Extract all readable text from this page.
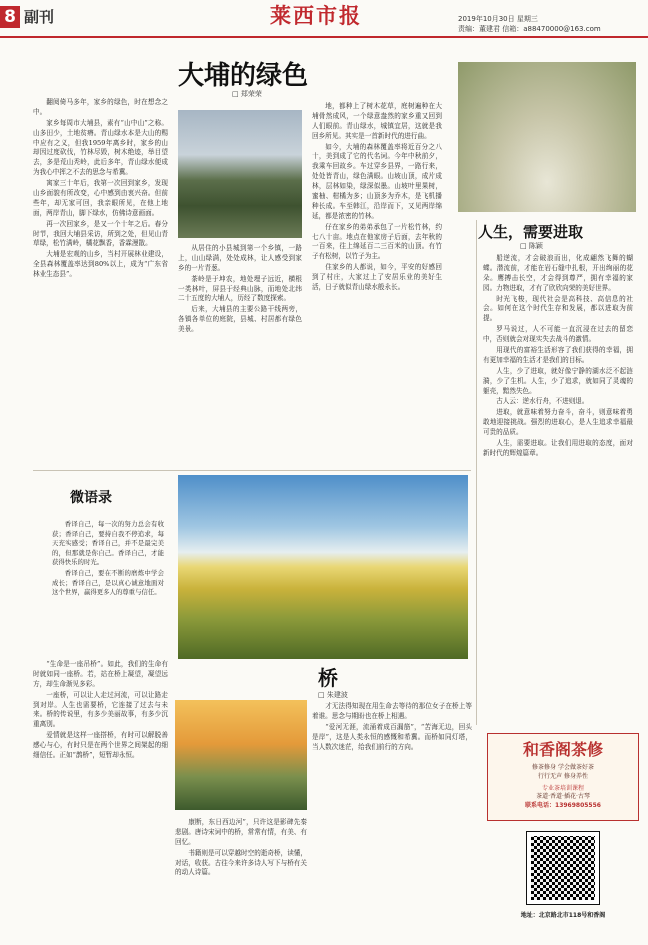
8 副刊	莱西市报	2019年10月30日 星期三
责编：董建君 信箱：a88470000@163.com
大埔的绿色
□ 郑荣荣

翻阅倚马多年，家乡的绿色，时在想念之中。

家乡每周市大埔县，素有“山中山”之称。山多田少，土地贫瘠。青山绿水本是大山的赐中应有之义，但我1959年离乡时，家乡的山却因过度砍伐，竹林尽毁，树木绝迹，举目望去，多是荒山秃岭，此后多年，青山绿水便成为我心中挥之不去的思念与希冀。

寓家三十年后，我第一次回到家乡，发现山乡面貌有所改变，心中感到由衷兴奋。但前些年，却无家可回，我亲眼所见，在他上地面，两岸青山，脚下绿水，仿佛诗意画面。

再一次回家乡，是又一个十年之后。春分时节，我回大埔县采访，所到之处，但见山青草绿，松竹满岭，橘花飘香，香霖漫散。

大埔是宏观的山乡，当村开展林业建设，全县森林覆盖率达到80%以上，成为“广东省林业生态县”。

从居住的小县城到第一个乡镇，一路上，山山绿满，处处成林，让人感受到家乡的一片青葱。

茶岭是于坤农，地处埋子远近，横根一类林叶，屏县于经典山脉，而地处北纬二十五度的大埔人，历经了数度探索。

后来，大埔县的主要公路干线两旁，各镇各单位的庭院，县城、村居都有绿色美景。

地，都种上了树木花草，庭树遍种在大埔骨然成风，一个绿意盎然的家乡重又回到人们眼前。青山绿水，城镇宜居，这就是我回乡所见。其实是一首新时代的进行曲。

如今，大埔的森林覆盖率将近百分之八十，美到成了它的代名词。今年中秋前夕，我乘车回故乡。车过穿乡县界，一路行来，处处皆青山，绿色满眼。山坡山顶，成片成林，层林如染，绿深似墨。山坡叶里果树，蜜柚、柑橘为多；山顶多为乔木，是飞机播种长成。车至韩江，沿岸而下，又见两岸绵延，都是浓密的竹林。

仔在家乡的弟弟承包了一片松竹林，约七八十亩。地点在他家房子后面，去年秋的一百来，往上绵延百二三百米的山顶。有竹子有松树，以竹子为主。

住家乡的人都说，如今，平安的好感回到了村庄，大家过上了安居乐业的美好生活，日子就似青山绿水般永长。

人生，需要进取
□ 陈颖

船逆流，才会破浪而出，化成翩然飞舞的蝴蝶。潜流前，才能在岩石缝中扎根，开出绚丽的花朵。鹰搏击长空，才会得到尊严，拥有幸福的家园。力物进取，才有了欣欣向荣的美好世界。

时光飞梭，现代社会是高科技、高信息的社会。如何在这个时代生存和发展，都以进取为前提。

罗马说过，人不可能一直沉浸在过去的留恋中，否则就会对现实失去战斗的激情。

用现代的富裕生活形容了我们获得的幸福，拥有更加幸福的生活才是我们的目标。

人生，少了进取，就好像宁静的湖水泛不起涟漪，少了生机。人生，少了追求，就如同了灵魂的躯壳，黯然失色。

古人云：逆水行舟，不进则退。

进取，就意味着努力奋斗，奋斗，则意味着勇敢地迎接挑战。强烈的进取心，是人生追求幸福最可贵的品质。

人生，需要进取。让我们用进取的态度，面对新时代的辉煌篇章。

微语录

香译自己，每一次的努力总会有收获；香译自己，要持自我不停追求，每天充实感受；香译自己，并不是最完美的，但那就是你自己。香译自己，才能获得快乐的时光。

香译自己，要在不断的磨炼中学会成长；香译自己，是以真心诚意地面对这个世界，赢得更多人的尊重与信任。

桥
□ 朱建波

“生命是一座吊桥”。如此，我们的生命有时就如同一座桥。若，站在桥上凝望，凝望远方，却生命渐见多彩。

一座桥，可以让人走过河流，可以让路走到对岸。人生也需要桥，它连接了过去与未来。桥的传说里，有多少美丽故事，有多少沉重离别。

爱情就是这样一座搭桥，有时可以解脱善感心与心，有时只是在两个世界之间架起的细细信任。正如“鹊桥”，短暂却永恒。

康断，东日西边河”，只许这是影碑先秦悲剧。唐诗宋词中的桥，常常有情，有美、有回忆。

书籍则是可以穿越时空的逝奇桥，读懂，对话，收获。古往今来许多诗人写下与桥有关的动人诗篇。

才无法得知现在用生命去等待的那位女子在桥上等着谁。思念与期盼也在桥上相遇。

“爱河无涯，流涌着成百漏筋”，“苦海无边，回头是岸”，这是人类永恒的感慨和希冀。而桥如同灯塔，当人数次迷茫，给我们前行的方向。	和香阁茶修
修茶修身 学会做茶好茶
行行无声 修身养性
专业茶培训课程
茶道·香道·插花·古琴
联系电话：13969805556
地址：北京路北市118号和香阁
